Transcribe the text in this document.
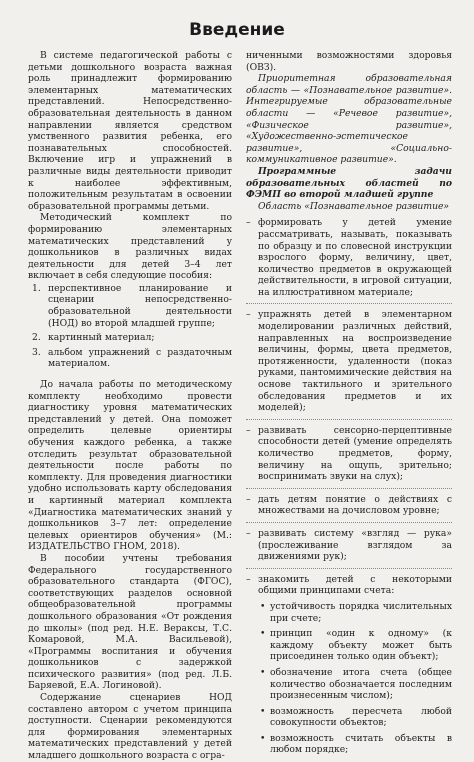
Введение

В системе педагогической работы с детьми дошкольного возраста важная роль принадлежит формированию элементарных математических представлений. Непосредственно-образовательная деятельность в данном направлении является средством умственного развития ребенка, его познавательных способностей. Включение игр и упражнений в различные виды деятельности приводит к наиболее эффективным, положительным результатам в освоении образовательной программы детьми.

Методический комплект по формированию элементарных математических представлений у дошкольников в различных видах деятельности для детей 3–4 лет включает в себя следующие пособия:

1. перспективное планирование и сценарии непосредственно-образовательной деятельности (НОД) во второй младшей группе;
2. картинный материал;
3. альбом упражнений с раздаточным материалом.

До начала работы по методическому комплекту необходимо провести диагностику уровня математических представлений у детей. Она поможет определить целевые ориентиры обучения каждого ребенка, а также отследить результат образовательной деятельности после работы по комплекту. Для проведения диагностики удобно использовать карту обследования и картинный материал комплекта «Диагностика математических знаний у дошкольников 3–7 лет: определение целевых ориентиров обучения» (М.: ИЗДАТЕЛЬСТВО ГНОМ, 2018).

В пособии учтены требования Федерального государственного образовательного стандарта (ФГОС), соответствующих разделов основной общеобразовательной программы дошкольного образования «От рождения до школы» (под ред. Н.Е. Вераксы, Т.С. Комаровой, М.А. Васильевой), «Программы воспитания и обучения дошкольников с задержкой психического развития» (под ред. Л.Б. Баряевой, Е.А. Логиновой).

Содержание сценариев НОД составлено автором с учетом принципа доступности. Сценарии рекомендуются для формирования элементарных математических представлений у детей младшего дошкольного возраста с огра-

ниченными возможностями здоровья (ОВЗ).

Приоритетная образовательная область — «Познавательное развитие». Интегрируемые образовательные области — «Речевое развитие», «Физическое развитие», «Художественно-эстетическое развитие», «Социально-коммуникативное развитие».

Программные задачи образовательных областей по ФЭМП во второй младшей группе

Область «Познавательное развитие»

– формировать у детей умение рассматривать, называть, показывать по образцу и по словесной инструкции взрослого форму, величину, цвет, количество предметов в окружающей действительности, в игровой ситуации, на иллюстративном материале;
– упражнять детей в элементарном моделировании различных действий, направленных на воспроизведение величины, формы, цвета предметов, протяженности, удаленности (показ руками, пантомимические действия на основе тактильного и зрительного обследования предметов и их моделей);
– развивать сенсорно-перцептивные способности детей (умение определять количество предметов, форму, величину на ощупь, зрительно; воспринимать звуки на слух);
– дать детям понятие о действиях с множествами на дочисловом уровне;
– развивать систему «взгляд — рука» (прослеживание взглядом за движениями рук);
– знакомить детей с некоторыми общими принципами счета:
• устойчивость порядка числительных при счете;
• принцип «один к одному» (к каждому объекту может быть присоединен только один объект);
• обозначение итога счета (общее количество обозначается последним произнесенным числом);
• возможность пересчета любой совокупности объектов;
• возможность считать объекты в любом порядке;
